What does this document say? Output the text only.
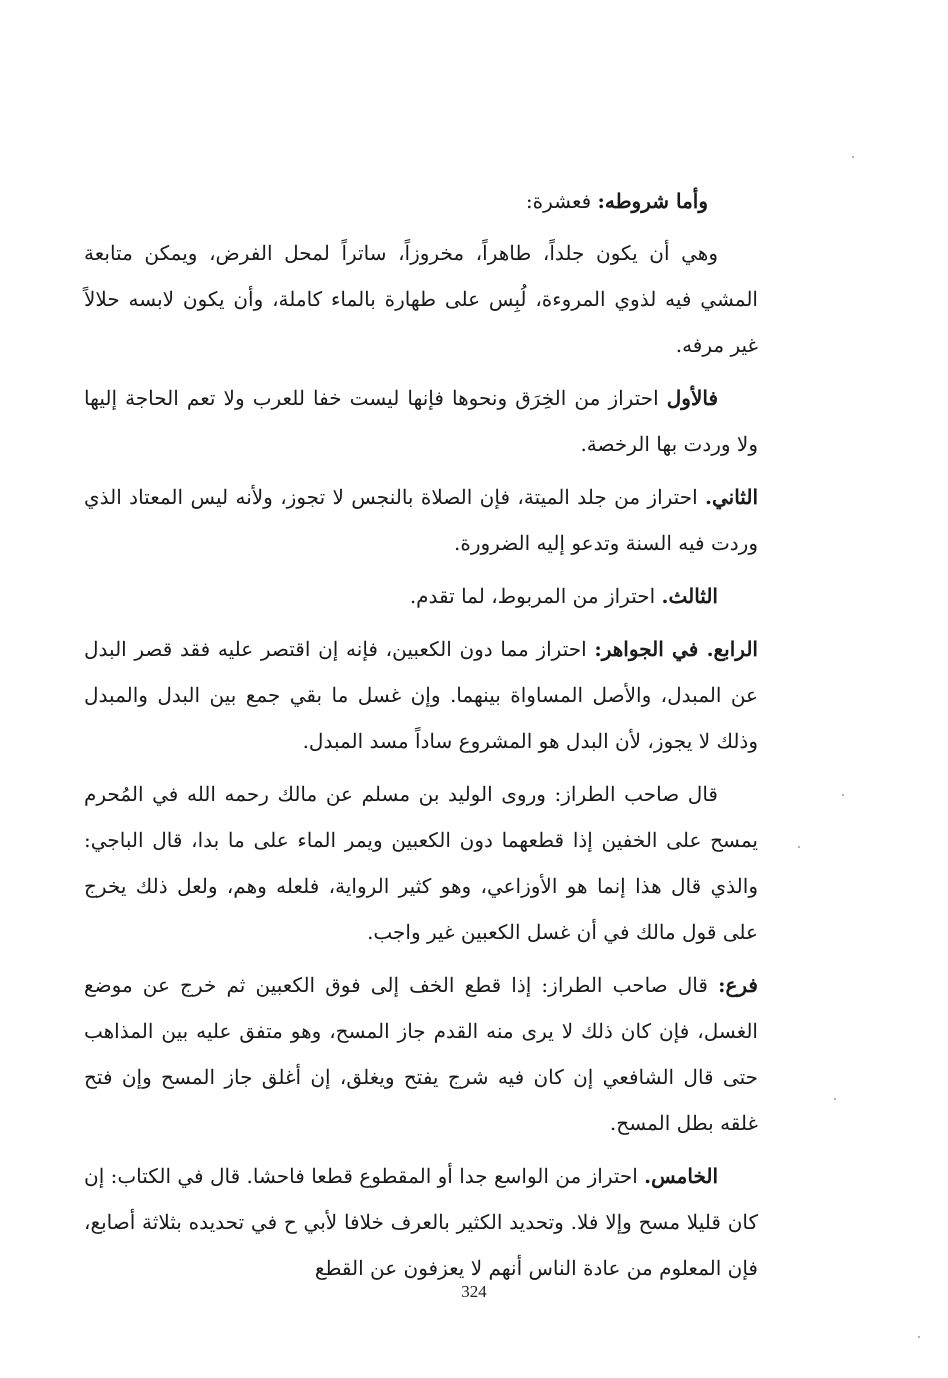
وأما شروطه: فعشرة:

وهي أن يكون جلداً، طاهراً، مخروزاً، ساتراً لمحل الفرض، ويمكن متابعة المشي فيه لذوي المروءة، لُبِس على طهارة بالماء كاملة، وأن يكون لابسه حلالاً غير مرفه.

فالأول احتراز من الخِرَق ونحوها فإنها ليست خفا للعرب ولا تعم الحاجة إليها ولا وردت بها الرخصة.

الثاني. احتراز من جلد الميتة، فإن الصلاة بالنجس لا تجوز، ولأنه ليس المعتاد الذي وردت فيه السنة وتدعو إليه الضرورة.

الثالث. احتراز من المربوط، لما تقدم.

الرابع. في الجواهر: احتراز مما دون الكعبين، فإنه إن اقتصر عليه فقد قصر البدل عن المبدل، والأصل المساواة بينهما. وإن غسل ما بقي جمع بين البدل والمبدل وذلك لا يجوز، لأن البدل هو المشروع ساداً مسد المبدل.

قال صاحب الطراز: وروى الوليد بن مسلم عن مالك رحمه الله في المُحرم يمسح على الخفين إذا قطعهما دون الكعبين ويمر الماء على ما بدا، قال الباجي: والذي قال هذا إنما هو الأوزاعي، وهو كثير الرواية، فلعله وهم، ولعل ذلك يخرج على قول مالك في أن غسل الكعبين غير واجب.

فرع: قال صاحب الطراز: إذا قطع الخف إلى فوق الكعبين ثم خرج عن موضع الغسل، فإن كان ذلك لا يرى منه القدم جاز المسح، وهو متفق عليه بين المذاهب حتى قال الشافعي إن كان فيه شرج يفتح ويغلق، إن أغلق جاز المسح وإن فتح غلقه بطل المسح.

الخامس. احتراز من الواسع جدا أو المقطوع قطعا فاحشا. قال في الكتاب: إن كان قليلا مسح وإلا فلا. وتحديد الكثير بالعرف خلافا لأبي ح في تحديده بثلاثة أصابع، فإن المعلوم من عادة الناس أنهم لا يعزفون عن القطع

324
